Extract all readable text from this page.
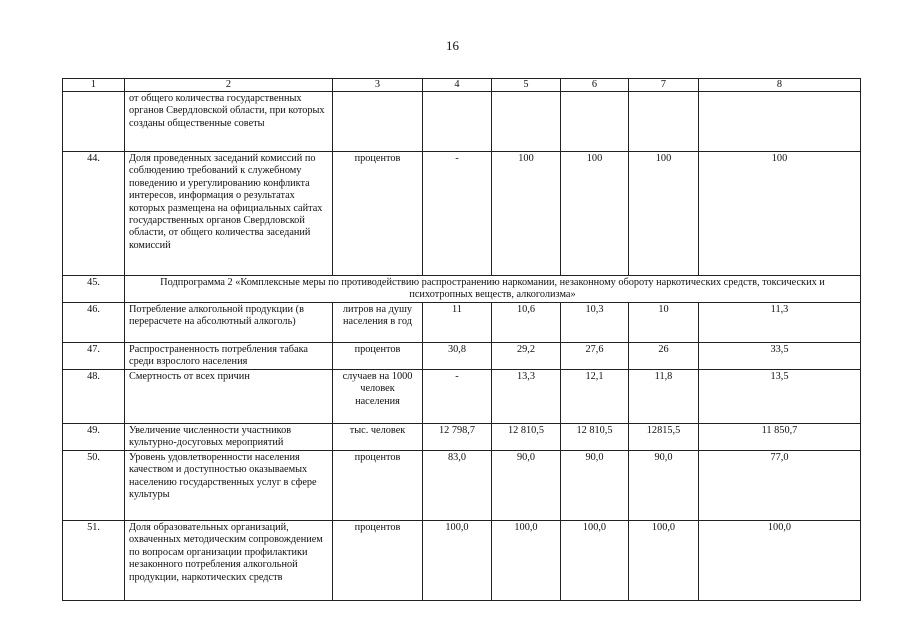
16
1	2	3	4	5	6	7	8
	от общего количества государственных органов Свердловской области, при которых созданы общественные советы						
44.	Доля проведенных заседаний комиссий по соблюдению требований к служебному поведению и урегулированию конфликта интересов, информация о результатах которых размещена на официальных сайтах государственных органов Свердловской области, от общего количества заседаний комиссий	процентов	-	100	100	100	100
45.	Подпрограмма 2 «Комплексные меры по противодействию распространению наркомании, незаконному обороту наркотических средств, токсических и психотропных веществ, алкоголизма»						
46.	Потребление алкогольной продукции (в перерасчете на абсолютный алкоголь)	литров на душу населения в год	11	10,6	10,3	10	11,3
47.	Распространенность потребления табака среди взрослого населения	процентов	30,8	29,2	27,6	26	33,5
48.	Смертность от всех причин	случаев на 1000 человек населения	-	13,3	12,1	11,8	13,5
49.	Увеличение численности участников культурно-досуговых мероприятий	тыс. человек	12 798,7	12 810,5	12 810,5	12815,5	11 850,7
50.	Уровень удовлетворенности населения качеством и доступностью оказываемых населению государственных услуг в сфере культуры	процентов	83,0	90,0	90,0	90,0	77,0
51.	Доля образовательных организаций, охваченных методическим сопровождением по вопросам организации профилактики незаконного потребления алкогольной продукции, наркотических средств	процентов	100,0	100,0	100,0	100,0	100,0
